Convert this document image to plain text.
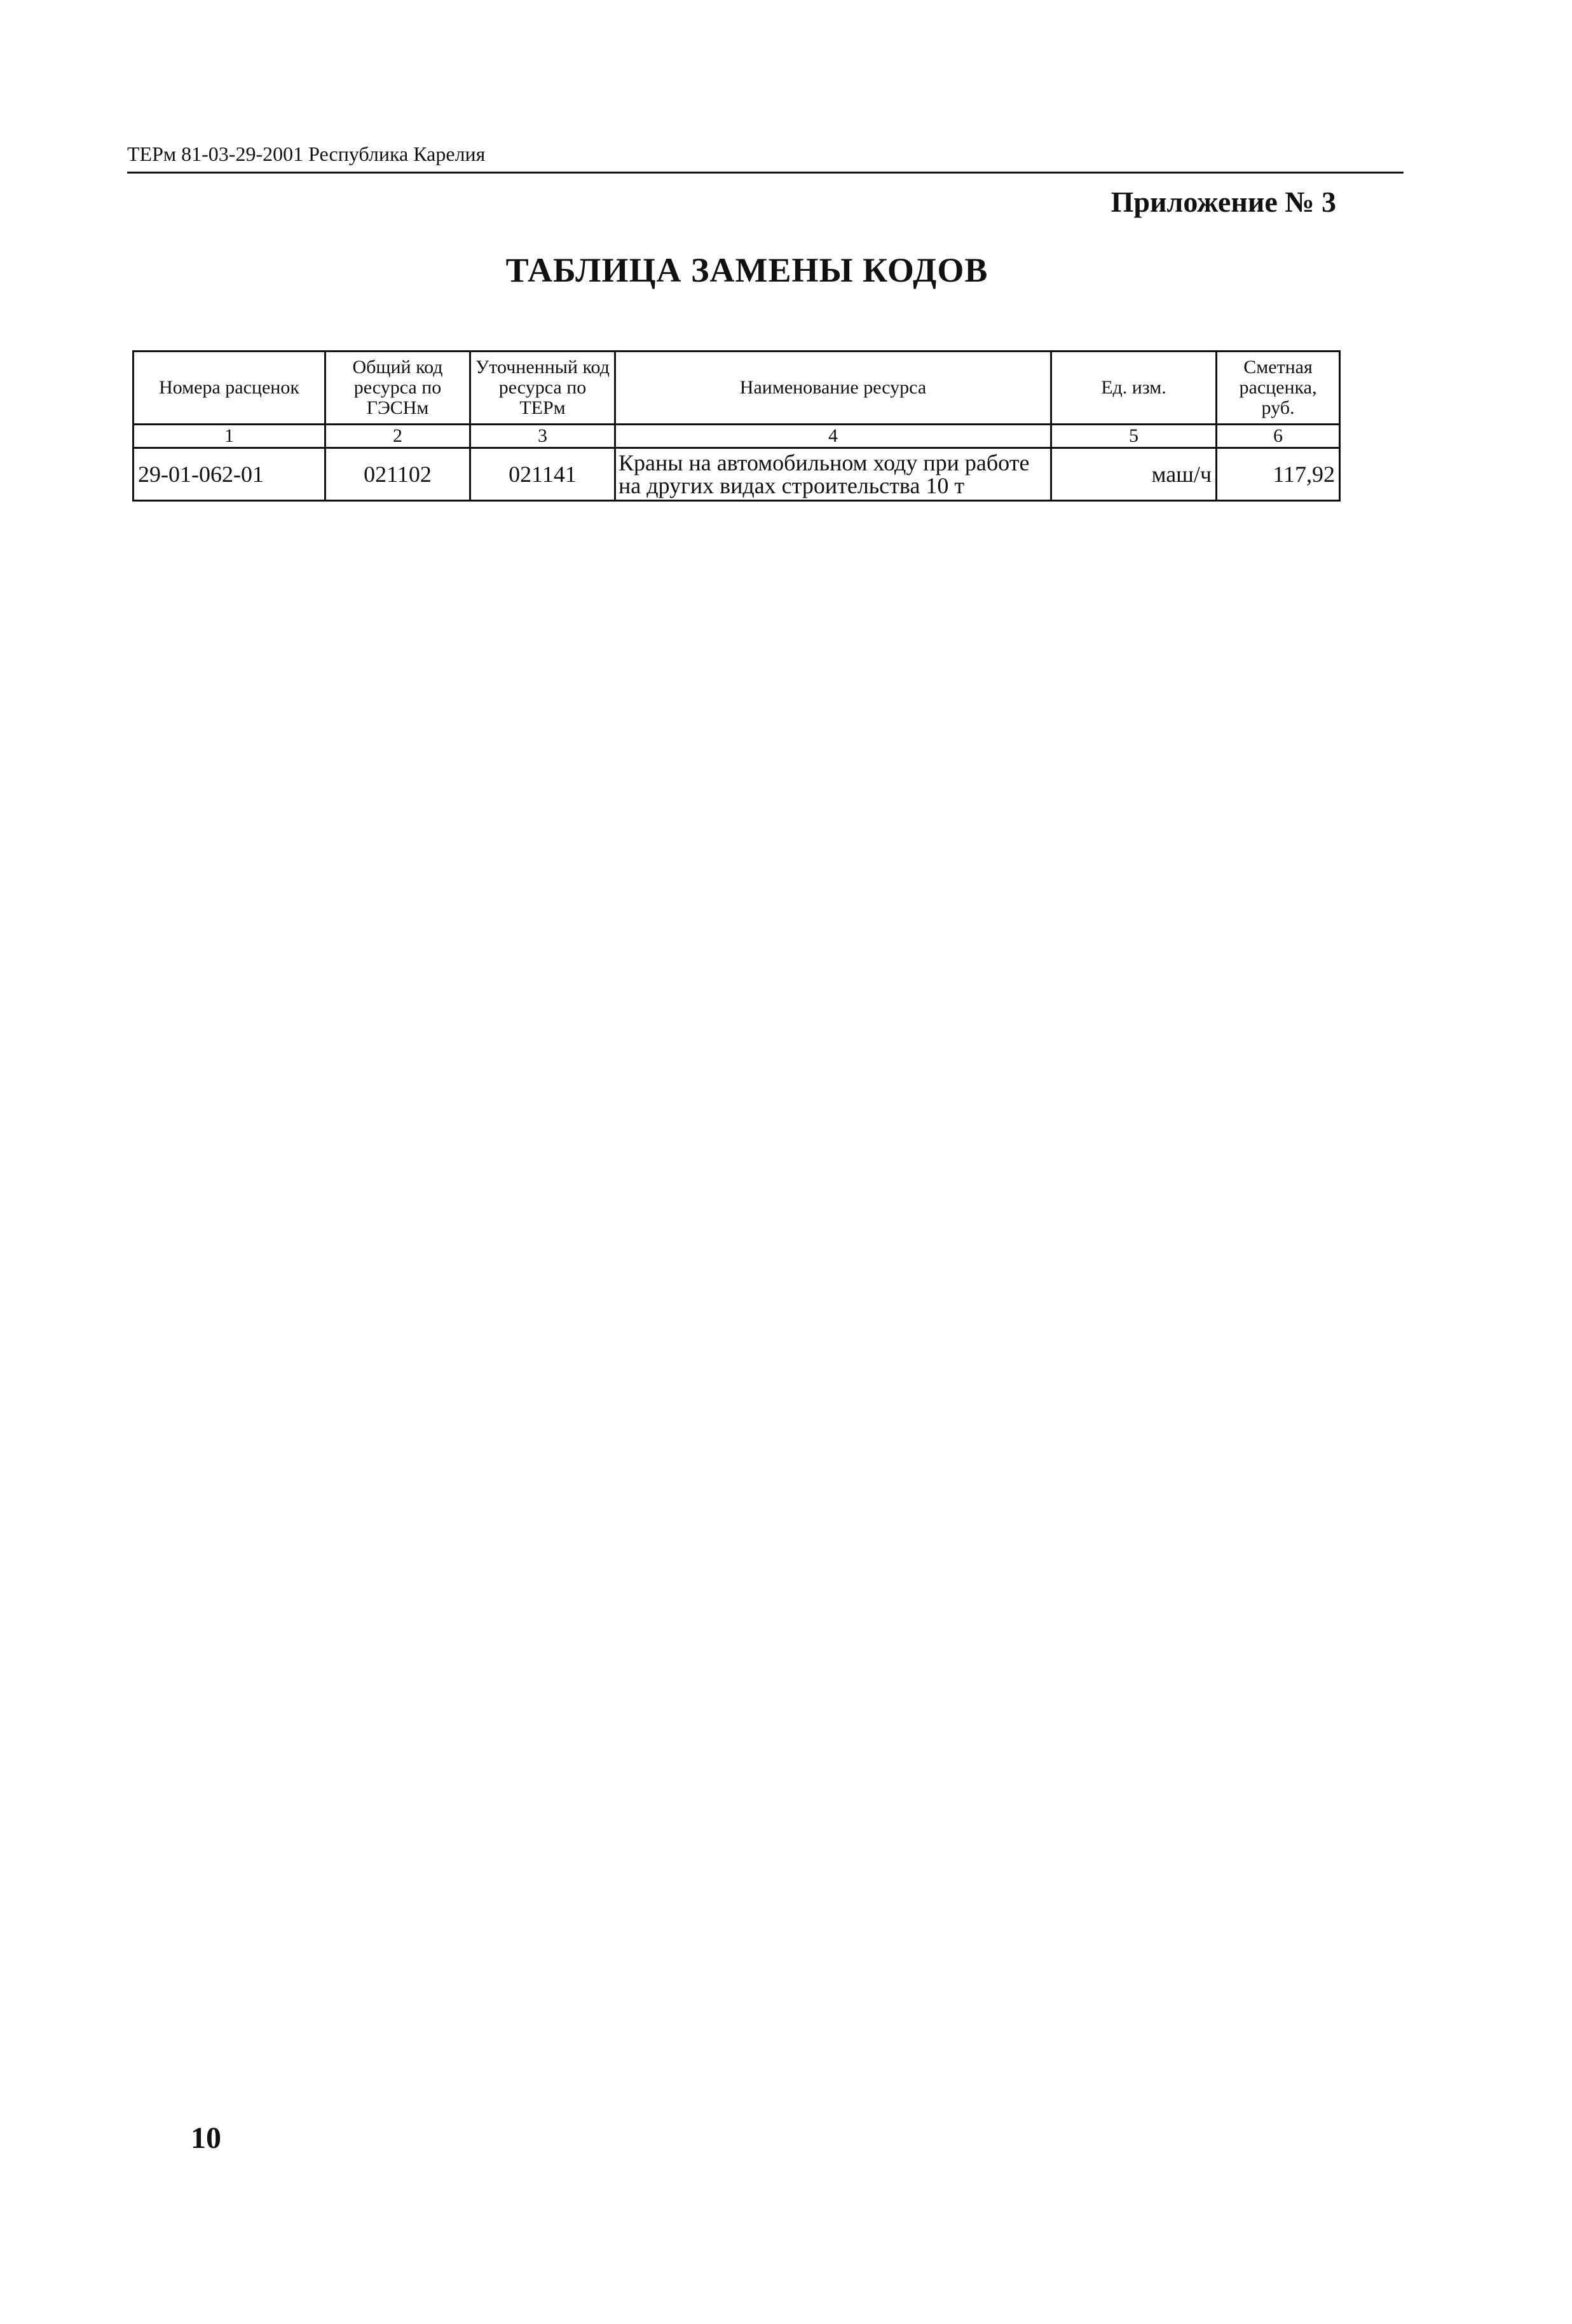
ТЕРм 81-03-29-2001 Республика Карелия
Приложение № 3
ТАБЛИЦА ЗАМЕНЫ КОДОВ
Номера расценок	Общий код ресурса по ГЭСНм	Уточненный код ресурса по ТЕРм	Наименование ресурса	Ед. изм.	Сметная расценка, руб.
1	2	3	4	5	6
29-01-062-01	021102	021141	Краны на автомобильном ходу при работе на других видах строительства 10 т	маш/ч	117,92
10
